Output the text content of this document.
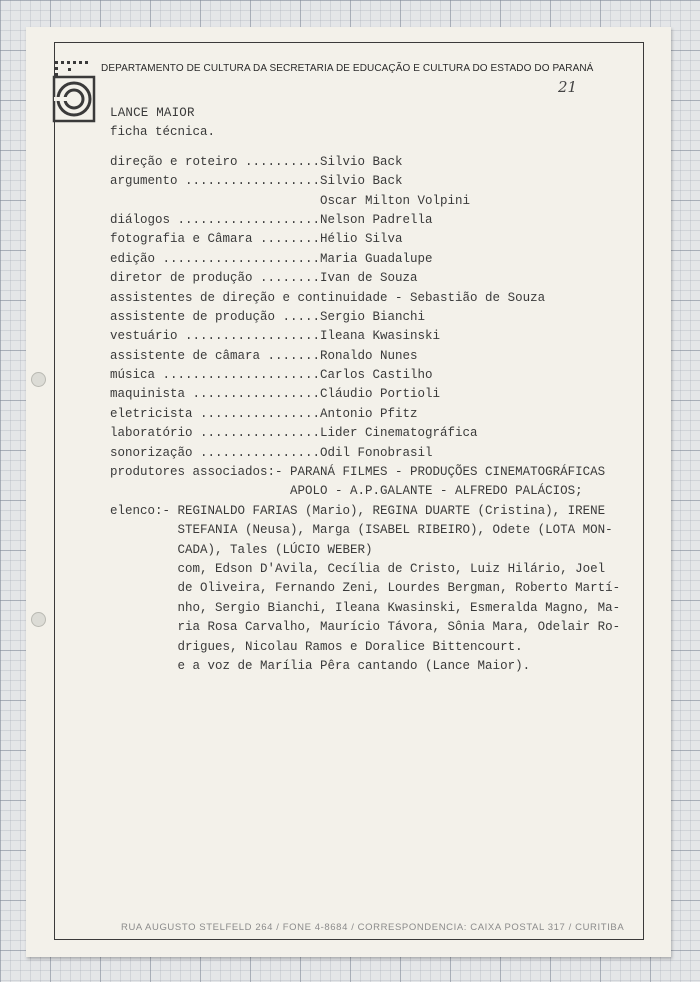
DEPARTAMENTO DE CULTURA DA SECRETARIA DE EDUCAÇÃO E CULTURA DO ESTADO DO PARANÁ
21
LANCE MAIOR
ficha técnica.
direção e roteiro ..........Silvio Back
argumento ..................Silvio Back
Oscar Milton Volpini
diálogos ...................Nelson Padrella
fotografia e Câmara ........Hélio Silva
edição .....................Maria Guadalupe
diretor de produção ........Ivan de Souza
assistentes de direção e continuidade - Sebastião de Souza
assistente de produção .....Sergio Bianchi
vestuário ..................Ileana Kwasinski
assistente de câmara .......Ronaldo Nunes
música .....................Carlos Castilho
maquinista .................Cláudio Portioli
eletricista ................Antonio Pfitz
laboratório ................Lider Cinematográfica
sonorização ................Odil Fonobrasil
produtores associados:- PARANÁ FILMES - PRODUÇÕES CINEMATOGRÁFICAS
APOLO - A.P.GALANTE - ALFREDO PALÁCIOS;
elenco:- REGINALDO FARIAS (Mario), REGINA DUARTE (Cristina), IRENE
STEFANIA (Neusa), Marga (ISABEL RIBEIRO), Odete (LOTA MON-
CADA), Tales (LÚCIO WEBER)
com, Edson D'Avila, Cecília de Cristo, Luiz Hilário, Joel
de Oliveira, Fernando Zeni, Lourdes Bergman, Roberto Martí-
nho, Sergio Bianchi, Ileana Kwasinski, Esmeralda Magno, Ma-
ria Rosa Carvalho, Maurício Távora, Sônia Mara, Odelair Ro-
drigues, Nicolau Ramos e Doralice Bittencourt.
e a voz de Marília Pêra cantando (Lance Maior).
RUA AUGUSTO STELFELD 264 / FONE 4-8684 / CORRESPONDENCIA: CAIXA POSTAL 317 / CURITIBA
